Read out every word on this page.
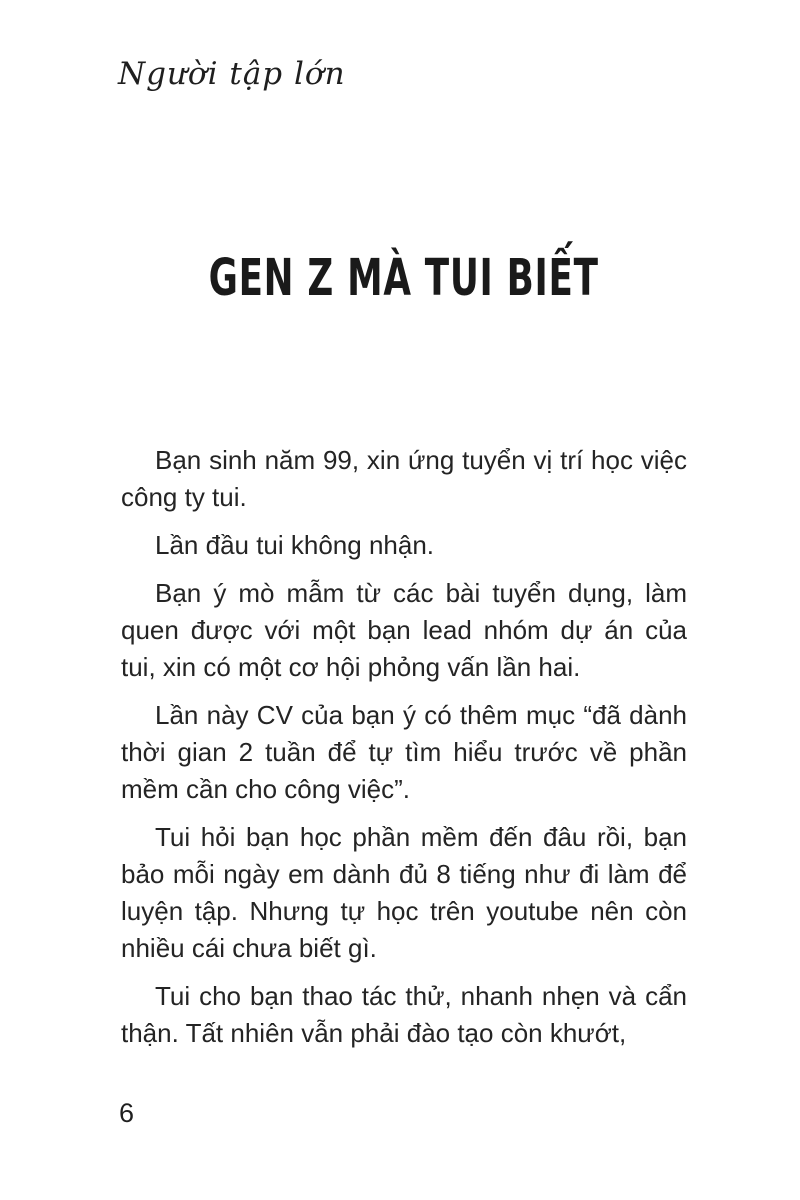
Người tập lớn
GEN Z MÀ TUI BIẾT

Bạn sinh năm 99, xin ứng tuyển vị trí học việc công ty tui.

Lần đầu tui không nhận.

Bạn ý mò mẫm từ các bài tuyển dụng, làm quen được với một bạn lead nhóm dự án của tui, xin có một cơ hội phỏng vấn lần hai.

Lần này CV của bạn ý có thêm mục “đã dành thời gian 2 tuần để tự tìm hiểu trước về phần mềm cần cho công việc”.

Tui hỏi bạn học phần mềm đến đâu rồi, bạn bảo mỗi ngày em dành đủ 8 tiếng như đi làm để luyện tập. Nhưng tự học trên youtube nên còn nhiều cái chưa biết gì.

Tui cho bạn thao tác thử, nhanh nhẹn và cẩn thận. Tất nhiên vẫn phải đào tạo còn khướt,

6
